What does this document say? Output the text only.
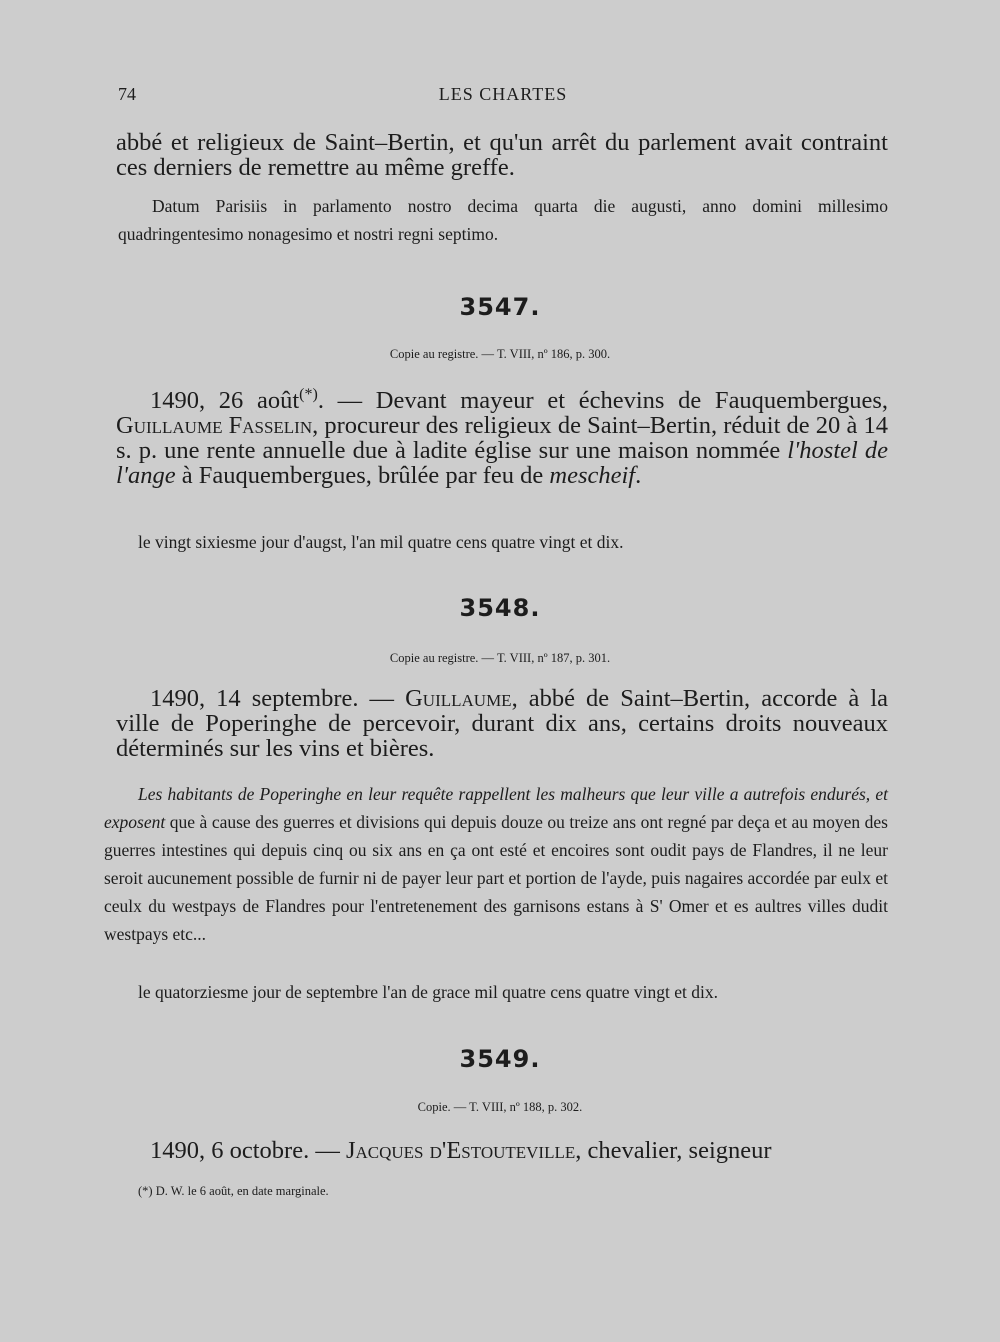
74	LES CHARTES
abbé et religieux de Saint–Bertin, et qu'un arrêt du parlement avait contraint ces derniers de remettre au même greffe.
Datum Parisiis in parlamento nostro decima quarta die augusti, anno domini millesimo quadringentesimo nonagesimo et nostri regni septimo.
3547.
Copie au registre. — T. VIII, nº 186, p. 300.
1490, 26 août(*). — Devant mayeur et échevins de Fauquembergues, Guillaume Fasselin, procureur des religieux de Saint–Bertin, réduit de 20 à 14 s. p. une rente annuelle due à ladite église sur une maison nommée l'hostel de l'ange à Fauquembergues, brûlée par feu de mescheif.
le vingt sixiesme jour d'augst, l'an mil quatre cens quatre vingt et dix.
3548.
Copie au registre. — T. VIII, nº 187, p. 301.
1490, 14 septembre. — Guillaume, abbé de Saint–Bertin, accorde à la ville de Poperinghe de percevoir, durant dix ans, certains droits nouveaux déterminés sur les vins et bières.
Les habitants de Poperinghe en leur requête rappellent les malheurs que leur ville a autrefois endurés, et exposent que à cause des guerres et divisions qui depuis douze ou treize ans ont regné par deça et au moyen des guerres intestines qui depuis cinq ou six ans en ça ont esté et encoires sont oudit pays de Flandres, il ne leur seroit aucunement possible de furnir ni de payer leur part et portion de l'ayde, puis nagaires accordée par eulx et ceulx du westpays de Flandres pour l'entretenement des garnisons estans à S' Omer et es aultres villes dudit westpays etc...
le quatorziesme jour de septembre l'an de grace mil quatre cens quatre vingt et dix.
3549.
Copie. — T. VIII, nº 188, p. 302.
1490, 6 octobre. — Jacques d'Estouteville, chevalier, seigneur
(*) D. W. le 6 août, en date marginale.
